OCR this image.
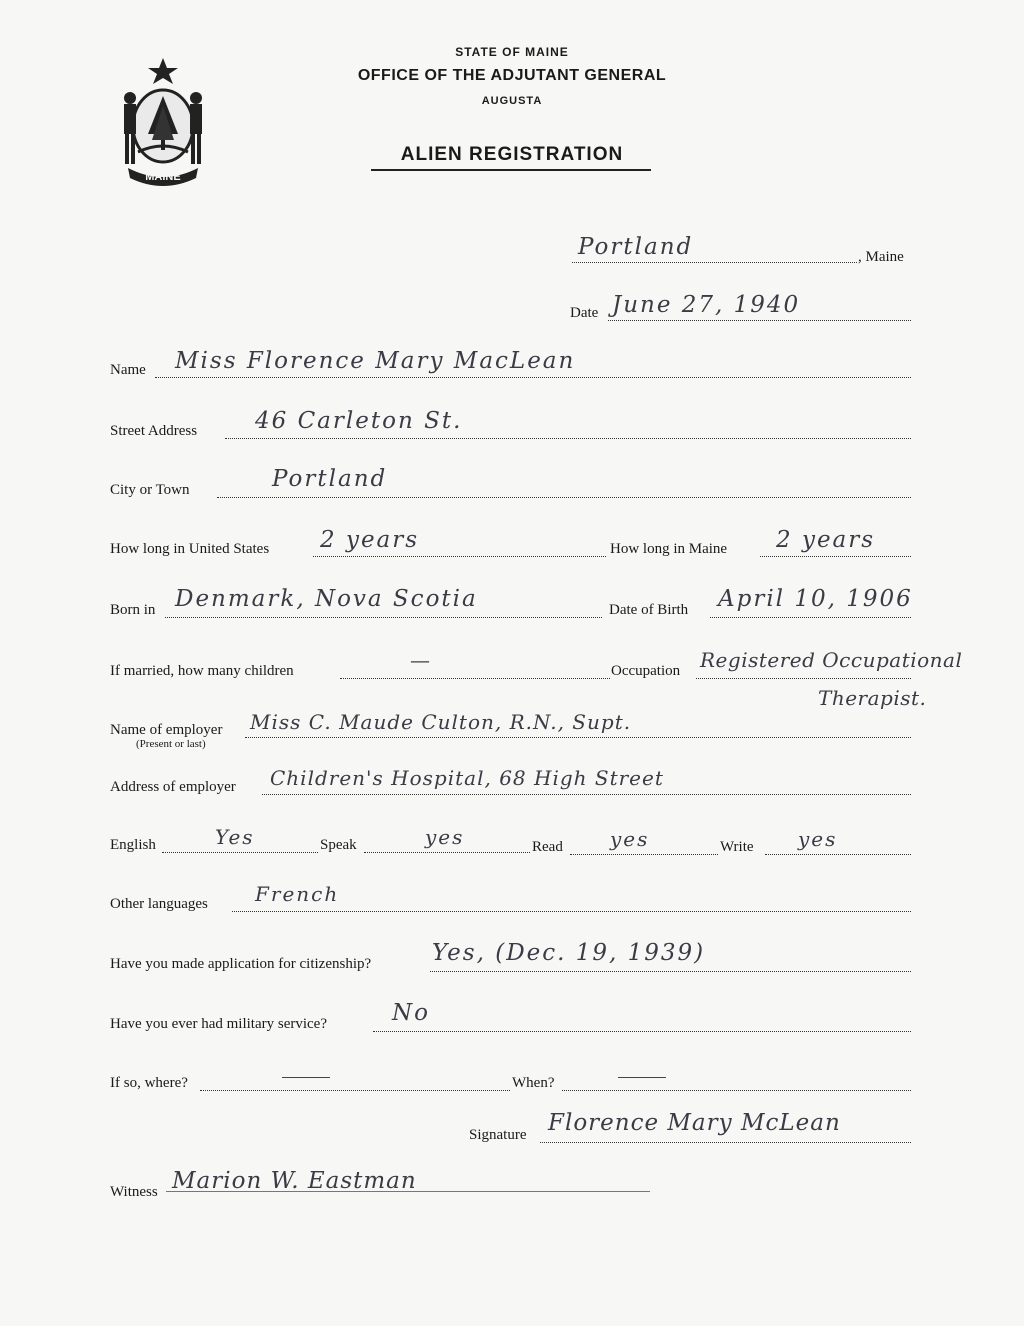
MAINE
STATE OF MAINE
OFFICE OF THE ADJUTANT GENERAL
AUGUSTA
ALIEN REGISTRATION
Portland	, Maine
Date June 27, 1940
Name Miss Florence Mary MacLean
Street Address	46 Carleton St.
City or Town	Portland
How long in United States 2 years	How long in Maine 2 years
Born in Denmark, Nova Scotia	Date of Birth April 10, 1906
If married, how many children	—	Occupation Registered Occupational
Therapist.
Name of employer
(Present or last)
Miss C. Maude Culton, R.N., Supt.
Address of employer Children's Hospital, 68 High Street
English	Yes	Speak	yes	Read yes	Write yes
Other languages French
Have you made application for citizenship?	Yes, (Dec. 19, 1939)
Have you ever had military service?	No
If so, where?	When?
Signature Florence Mary McLean
Witness Marion W. Eastman
